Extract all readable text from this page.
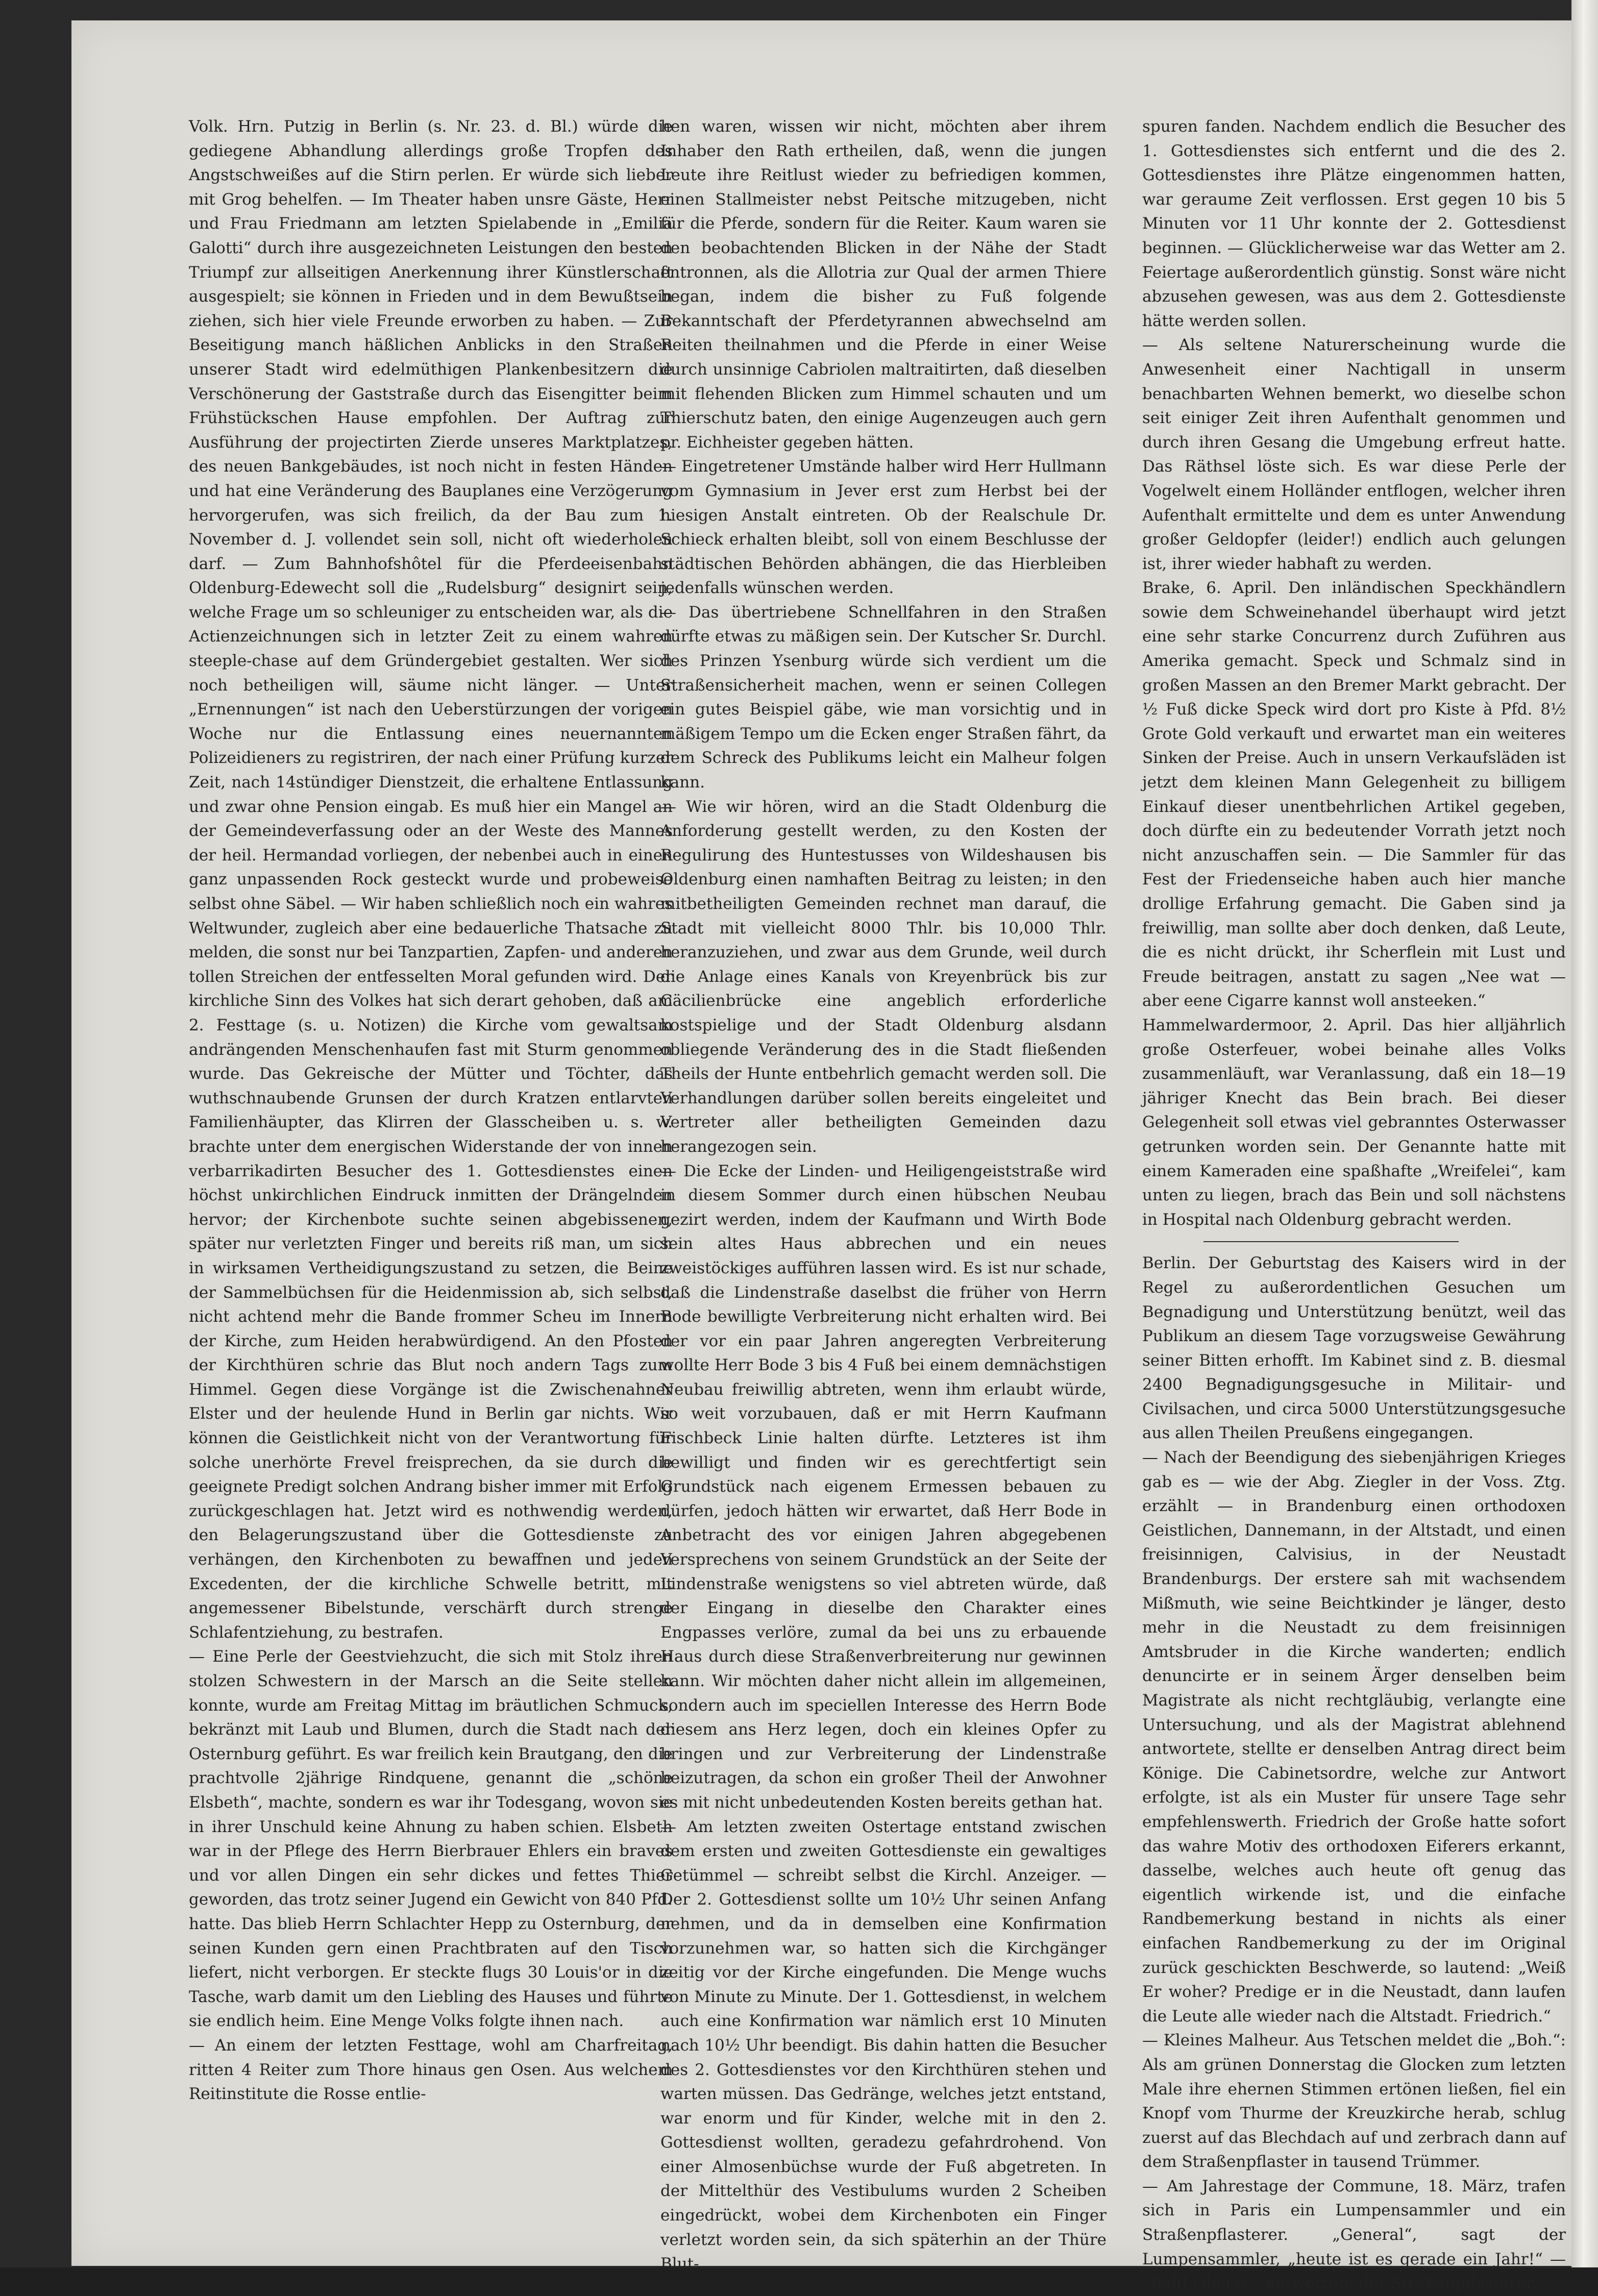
Volk. Hrn. Putzig in Berlin (s. Nr. 23. d. Bl.) würde die gediegene Abhandlung allerdings große Tropfen des Angstschweißes auf die Stirn perlen. Er würde sich lieber mit Grog behelfen. — Im Theater haben unsre Gäste, Herr und Frau Friedmann am letzten Spielabende in „Emilia Galotti“ durch ihre ausgezeichneten Leistungen den besten Triumpf zur allseitigen Anerkennung ihrer Künstlerschaft ausgespielt; sie können in Frieden und in dem Bewußtsein ziehen, sich hier viele Freunde erworben zu haben. — Zur Beseitigung manch häßlichen Anblicks in den Straßen unserer Stadt wird edelmüthigen Plankenbesitzern die Verschönerung der Gaststraße durch das Eisengitter beim Frühstückschen Hause empfohlen. Der Auftrag zur Ausführung der projectirten Zierde unseres Marktplatzes, des neuen Bankgebäudes, ist noch nicht in festen Händen und hat eine Veränderung des Bauplanes eine Verzögerung hervorgerufen, was sich freilich, da der Bau zum 1. November d. J. vollendet sein soll, nicht oft wiederholen darf. — Zum Bahnhofshôtel für die Pferdeeisenbahn Oldenburg-Edewecht soll die „Rudelsburg“ designirt sein, welche Frage um so schleuniger zu entscheiden war, als die Actienzeichnungen sich in letzter Zeit zu einem wahren steeple-chase auf dem Gründergebiet gestalten. Wer sich noch betheiligen will, säume nicht länger. — Unter „Ernennungen“ ist nach den Ueberstürzungen der vorigen Woche nur die Entlassung eines neuernannten Polizeidieners zu registriren, der nach einer Prüfung kurzer Zeit, nach 14stündiger Dienstzeit, die erhaltene Entlassung und zwar ohne Pension eingab. Es muß hier ein Mangel an der Gemeindeverfassung oder an der Weste des Mannes der heil. Hermandad vorliegen, der nebenbei auch in einen ganz unpassenden Rock gesteckt wurde und probeweise selbst ohne Säbel. — Wir haben schließlich noch ein wahres Weltwunder, zugleich aber eine bedauerliche Thatsache zu melden, die sonst nur bei Tanzpartien, Zapfen- und anderen tollen Streichen der entfesselten Moral gefunden wird. Der kirchliche Sinn des Volkes hat sich derart gehoben, daß am 2. Festtage (s. u. Notizen) die Kirche vom gewaltsam andrängenden Menschenhaufen fast mit Sturm genommen wurde. Das Gekreische der Mütter und Töchter, das wuthschnaubende Grunsen der durch Kratzen entlarvten Familienhäupter, das Klirren der Glasscheiben u. s. w. brachte unter dem energischen Widerstande der von innen verbarrikadirten Besucher des 1. Gottesdienstes einen höchst unkirchlichen Eindruck inmitten der Drängelnden hervor; der Kirchenbote suchte seinen abgebissenen, später nur verletzten Finger und bereits riß man, um sich in wirksamen Vertheidigungszustand zu setzen, die Beine der Sammelbüchsen für die Heidenmission ab, sich selbst, nicht achtend mehr die Bande frommer Scheu im Innern der Kirche, zum Heiden herabwürdigend. An den Pfosten der Kirchthüren schrie das Blut noch andern Tags zum Himmel. Gegen diese Vorgänge ist die Zwischenahner Elster und der heulende Hund in Berlin gar nichts. Wir können die Geistlichkeit nicht von der Verantwortung für solche unerhörte Frevel freisprechen, da sie durch die geeignete Predigt solchen Andrang bisher immer mit Erfolg zurückgeschlagen hat. Jetzt wird es nothwendig werden, den Belagerungszustand über die Gottesdienste zu verhängen, den Kirchenboten zu bewaffnen und jeden Excedenten, der die kirchliche Schwelle betritt, mit angemessener Bibelstunde, verschärft durch strenge Schlafentziehung, zu bestrafen.

— Eine Perle der Geestviehzucht, die sich mit Stolz ihren stolzen Schwestern in der Marsch an die Seite stellen konnte, wurde am Freitag Mittag im bräutlichen Schmuck, bekränzt mit Laub und Blumen, durch die Stadt nach der Osternburg geführt. Es war freilich kein Brautgang, den die prachtvolle 2jährige Rindquene, genannt die „schöne Elsbeth“, machte, sondern es war ihr Todesgang, wovon sie in ihrer Unschuld keine Ahnung zu haben schien. Elsbeth war in der Pflege des Herrn Bierbrauer Ehlers ein braves und vor allen Dingen ein sehr dickes und fettes Thier geworden, das trotz seiner Jugend ein Gewicht von 840 Pfd. hatte. Das blieb Herrn Schlachter Hepp zu Osternburg, der seinen Kunden gern einen Prachtbraten auf den Tisch liefert, nicht verborgen. Er steckte flugs 30 Louis'or in die Tasche, warb damit um den Liebling des Hauses und führte sie endlich heim. Eine Menge Volks folgte ihnen nach.

— An einem der letzten Festtage, wohl am Charfreitag, ritten 4 Reiter zum Thore hinaus gen Osen. Aus welchem Reitinstitute die Rosse entlie-

hen waren, wissen wir nicht, möchten aber ihrem Inhaber den Rath ertheilen, daß, wenn die jungen Leute ihre Reitlust wieder zu befriedigen kommen, einen Stallmeister nebst Peitsche mitzugeben, nicht für die Pferde, sondern für die Reiter. Kaum waren sie den beobachtenden Blicken in der Nähe der Stadt entronnen, als die Allotria zur Qual der armen Thiere began, indem die bisher zu Fuß folgende Bekanntschaft der Pferdetyrannen abwechselnd am Reiten theilnahmen und die Pferde in einer Weise durch unsinnige Cabriolen maltraitirten, daß dieselben mit flehenden Blicken zum Himmel schauten und um Thierschutz baten, den einige Augenzeugen auch gern pr. Eichheister gegeben hätten.

— Eingetretener Umstände halber wird Herr Hullmann vom Gymnasium in Jever erst zum Herbst bei der hiesigen Anstalt eintreten. Ob der Realschule Dr. Schieck erhalten bleibt, soll von einem Beschlusse der städtischen Behörden abhängen, die das Hierbleiben jedenfalls wünschen werden.

— Das übertriebene Schnellfahren in den Straßen dürfte etwas zu mäßigen sein. Der Kutscher Sr. Durchl. des Prinzen Ysenburg würde sich verdient um die Straßensicherheit machen, wenn er seinen Collegen ein gutes Beispiel gäbe, wie man vorsichtig und in mäßigem Tempo um die Ecken enger Straßen fährt, da dem Schreck des Publikums leicht ein Malheur folgen kann.

— Wie wir hören, wird an die Stadt Oldenburg die Anforderung gestellt werden, zu den Kosten der Regulirung des Huntestusses von Wildeshausen bis Oldenburg einen namhaften Beitrag zu leisten; in den mitbetheiligten Gemeinden rechnet man darauf, die Stadt mit vielleicht 8000 Thlr. bis 10,000 Thlr. heranzuziehen, und zwar aus dem Grunde, weil durch die Anlage eines Kanals von Kreyenbrück bis zur Cäcilienbrücke eine angeblich erforderliche kostspielige und der Stadt Oldenburg alsdann obliegende Veränderung des in die Stadt fließenden Theils der Hunte entbehrlich gemacht werden soll. Die Verhandlungen darüber sollen bereits eingeleitet und Vertreter aller betheiligten Gemeinden dazu herangezogen sein.

— Die Ecke der Linden- und Heiligengeiststraße wird in diesem Sommer durch einen hübschen Neubau gezirt werden, indem der Kaufmann und Wirth Bode sein altes Haus abbrechen und ein neues zweistöckiges aufführen lassen wird. Es ist nur schade, daß die Lindenstraße daselbst die früher von Herrn Bode bewilligte Verbreiterung nicht erhalten wird. Bei der vor ein paar Jahren angeregten Verbreiterung wollte Herr Bode 3 bis 4 Fuß bei einem demnächstigen Neubau freiwillig abtreten, wenn ihm erlaubt würde, so weit vorzubauen, daß er mit Herrn Kaufmann Fischbeck Linie halten dürfte. Letzteres ist ihm bewilligt und finden wir es gerechtfertigt sein Grundstück nach eigenem Ermessen bebauen zu dürfen, jedoch hätten wir erwartet, daß Herr Bode in Anbetracht des vor einigen Jahren abgegebenen Versprechens von seinem Grundstück an der Seite der Lindenstraße wenigstens so viel abtreten würde, daß der Eingang in dieselbe den Charakter eines Engpasses verlöre, zumal da bei uns zu erbauende Haus durch diese Straßenverbreiterung nur gewinnen kann. Wir möchten daher nicht allein im allgemeinen, sondern auch im speciellen Interesse des Herrn Bode diesem ans Herz legen, doch ein kleines Opfer zu bringen und zur Verbreiterung der Lindenstraße beizutragen, da schon ein großer Theil der Anwohner es mit nicht unbedeutenden Kosten bereits gethan hat.

— Am letzten zweiten Ostertage entstand zwischen dem ersten und zweiten Gottesdienste ein gewaltiges Getümmel — schreibt selbst die Kirchl. Anzeiger. — Der 2. Gottesdienst sollte um 10½ Uhr seinen Anfang nehmen, und da in demselben eine Konfirmation vorzunehmen war, so hatten sich die Kirchgänger zeitig vor der Kirche eingefunden. Die Menge wuchs von Minute zu Minute. Der 1. Gottesdienst, in welchem auch eine Konfirmation war nämlich erst 10 Minuten nach 10½ Uhr beendigt. Bis dahin hatten die Besucher des 2. Gottesdienstes vor den Kirchthüren stehen und warten müssen. Das Gedränge, welches jetzt entstand, war enorm und für Kinder, welche mit in den 2. Gottesdienst wollten, geradezu gefahrdrohend. Von einer Almosenbüchse wurde der Fuß abgetreten. In der Mittelthür des Vestibulums wurden 2 Scheiben eingedrückt, wobei dem Kirchenboten ein Finger verletzt worden sein, da sich späterhin an der Thüre Blut-

spuren fanden. Nachdem endlich die Besucher des 1. Gottesdienstes sich entfernt und die des 2. Gottesdienstes ihre Plätze eingenommen hatten, war geraume Zeit verflossen. Erst gegen 10 bis 5 Minuten vor 11 Uhr konnte der 2. Gottesdienst beginnen. — Glücklicherweise war das Wetter am 2. Feiertage außerordentlich günstig. Sonst wäre nicht abzusehen gewesen, was aus dem 2. Gottesdienste hätte werden sollen.

— Als seltene Naturerscheinung wurde die Anwesenheit einer Nachtigall in unserm benachbarten Wehnen bemerkt, wo dieselbe schon seit einiger Zeit ihren Aufenthalt genommen und durch ihren Gesang die Umgebung erfreut hatte. Das Räthsel löste sich. Es war diese Perle der Vogelwelt einem Holländer entflogen, welcher ihren Aufenthalt ermittelte und dem es unter Anwendung großer Geldopfer (leider!) endlich auch gelungen ist, ihrer wieder habhaft zu werden.

Brake, 6. April. Den inländischen Speckhändlern sowie dem Schweinehandel überhaupt wird jetzt eine sehr starke Concurrenz durch Zuführen aus Amerika gemacht. Speck und Schmalz sind in großen Massen an den Bremer Markt gebracht. Der ½ Fuß dicke Speck wird dort pro Kiste à Pfd. 8½ Grote Gold verkauft und erwartet man ein weiteres Sinken der Preise. Auch in unsern Verkaufsläden ist jetzt dem kleinen Mann Gelegenheit zu billigem Einkauf dieser unentbehrlichen Artikel gegeben, doch dürfte ein zu bedeutender Vorrath jetzt noch nicht anzuschaffen sein. — Die Sammler für das Fest der Friedenseiche haben auch hier manche drollige Erfahrung gemacht. Die Gaben sind ja freiwillig, man sollte aber doch denken, daß Leute, die es nicht drückt, ihr Scherflein mit Lust und Freude beitragen, anstatt zu sagen „Nee wat — aber eene Cigarre kannst woll ansteeken.“

Hammelwardermoor, 2. April. Das hier alljährlich große Osterfeuer, wobei beinahe alles Volks zusammenläuft, war Veranlassung, daß ein 18—19 jähriger Knecht das Bein brach. Bei dieser Gelegenheit soll etwas viel gebranntes Osterwasser getrunken worden sein. Der Genannte hatte mit einem Kameraden eine spaßhafte „Wreifelei“, kam unten zu liegen, brach das Bein und soll nächstens in Hospital nach Oldenburg gebracht werden.

Berlin. Der Geburtstag des Kaisers wird in der Regel zu außerordentlichen Gesuchen um Begnadigung und Unterstützung benützt, weil das Publikum an diesem Tage vorzugsweise Gewährung seiner Bitten erhofft. Im Kabinet sind z. B. diesmal 2400 Begnadigungsgesuche in Militair- und Civilsachen, und circa 5000 Unterstützungsgesuche aus allen Theilen Preußens eingegangen.

— Nach der Beendigung des siebenjährigen Krieges gab es — wie der Abg. Ziegler in der Voss. Ztg. erzählt — in Brandenburg einen orthodoxen Geistlichen, Dannemann, in der Altstadt, und einen freisinnigen, Calvisius, in der Neustadt Brandenburgs. Der erstere sah mit wachsendem Mißmuth, wie seine Beichtkinder je länger, desto mehr in die Neustadt zu dem freisinnigen Amtsbruder in die Kirche wanderten; endlich denuncirte er in seinem Ärger denselben beim Magistrate als nicht rechtgläubig, verlangte eine Untersuchung, und als der Magistrat ablehnend antwortete, stellte er denselben Antrag direct beim Könige. Die Cabinetsordre, welche zur Antwort erfolgte, ist als ein Muster für unsere Tage sehr empfehlenswerth. Friedrich der Große hatte sofort das wahre Motiv des orthodoxen Eiferers erkannt, dasselbe, welches auch heute oft genug das eigentlich wirkende ist, und die einfache Randbemerkung bestand in nichts als einer einfachen Randbemerkung zu der im Original zurück geschickten Beschwerde, so lautend: „Weiß Er woher? Predige er in die Neustadt, dann laufen die Leute alle wieder nach die Altstadt. Friedrich.“

— Kleines Malheur. Aus Tetschen meldet die „Boh.“: Als am grünen Donnerstag die Glocken zum letzten Male ihre ehernen Stimmen ertönen ließen, fiel ein Knopf vom Thurme der Kreuzkirche herab, schlug zuerst auf das Blechdach auf und zerbrach dann auf dem Straßenpflaster in tausend Trümmer.

— Am Jahrestage der Commune, 18. März, trafen sich in Paris ein Lumpensammler und ein Straßenpflasterer. „General“, sagt der Lumpensammler, „heute ist es gerade ein Jahr!“ — „Bah! Oberst,“ antwortete der Straßenpflasterer.
